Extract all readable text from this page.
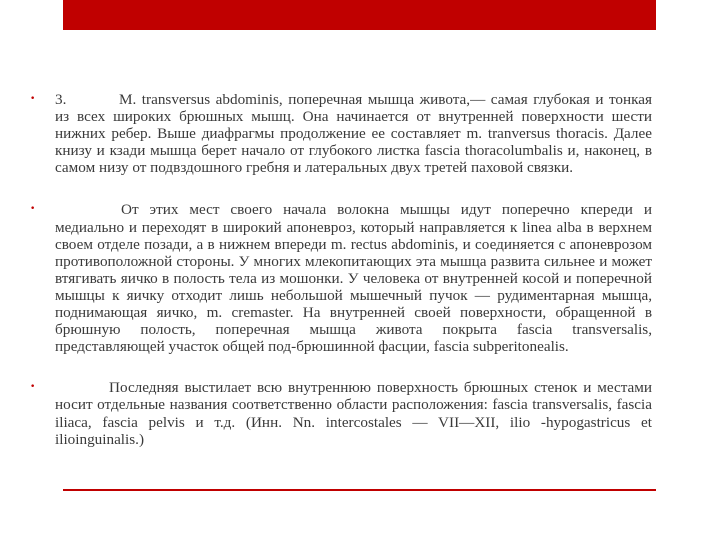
• 3.	M. transversus abdominis, поперечная мышца живота,— самая глубокая и тонкая из всех широких брюшных мышц. Она начинается от внутренней поверхности шести нижних ребер. Выше диафрагмы продолжение ее составляет m. tranversus thoracis. Далее книзу и кзади мышца берет начало от глубокого листка fascia thoracolumbalis и, наконец, в самом низу от подвздошного гребня и латеральных двух третей паховой связки.
•	От этих мест своего начала волокна мышцы идут поперечно кпереди и медиально и переходят в широкий апоневроз, который направляется к linea alba в верхнем своем отделе позади, а в нижнем впереди m. rectus abdominis, и соединяется с апоневрозом противоположной стороны. У многих млекопитающих эта мышца развита сильнее и может втягивать яичко в полость тела из мошонки. У человека от внутренней косой и поперечной мышцы к яичку отходит лишь небольшой мышечный пучок — рудиментарная мышца, поднимающая яичко, m. cremaster. На внутренней своей поверхности, обращенной в брюшную полость, поперечная мышца живота покрыта fascia transversalis, представляющей участок общей под-брюшинной фасции, fascia subperitonealis.
•	Последняя выстилает всю внутреннюю поверхность брюшных стенок и местами носит отдельные названия соответственно области расположения: fascia transversalis, fascia iliaca, fascia pelvis и т.д. (Инн. Nn. intercostales — VII—XII, ilio -hypogastricus et ilioinguinalis.)
